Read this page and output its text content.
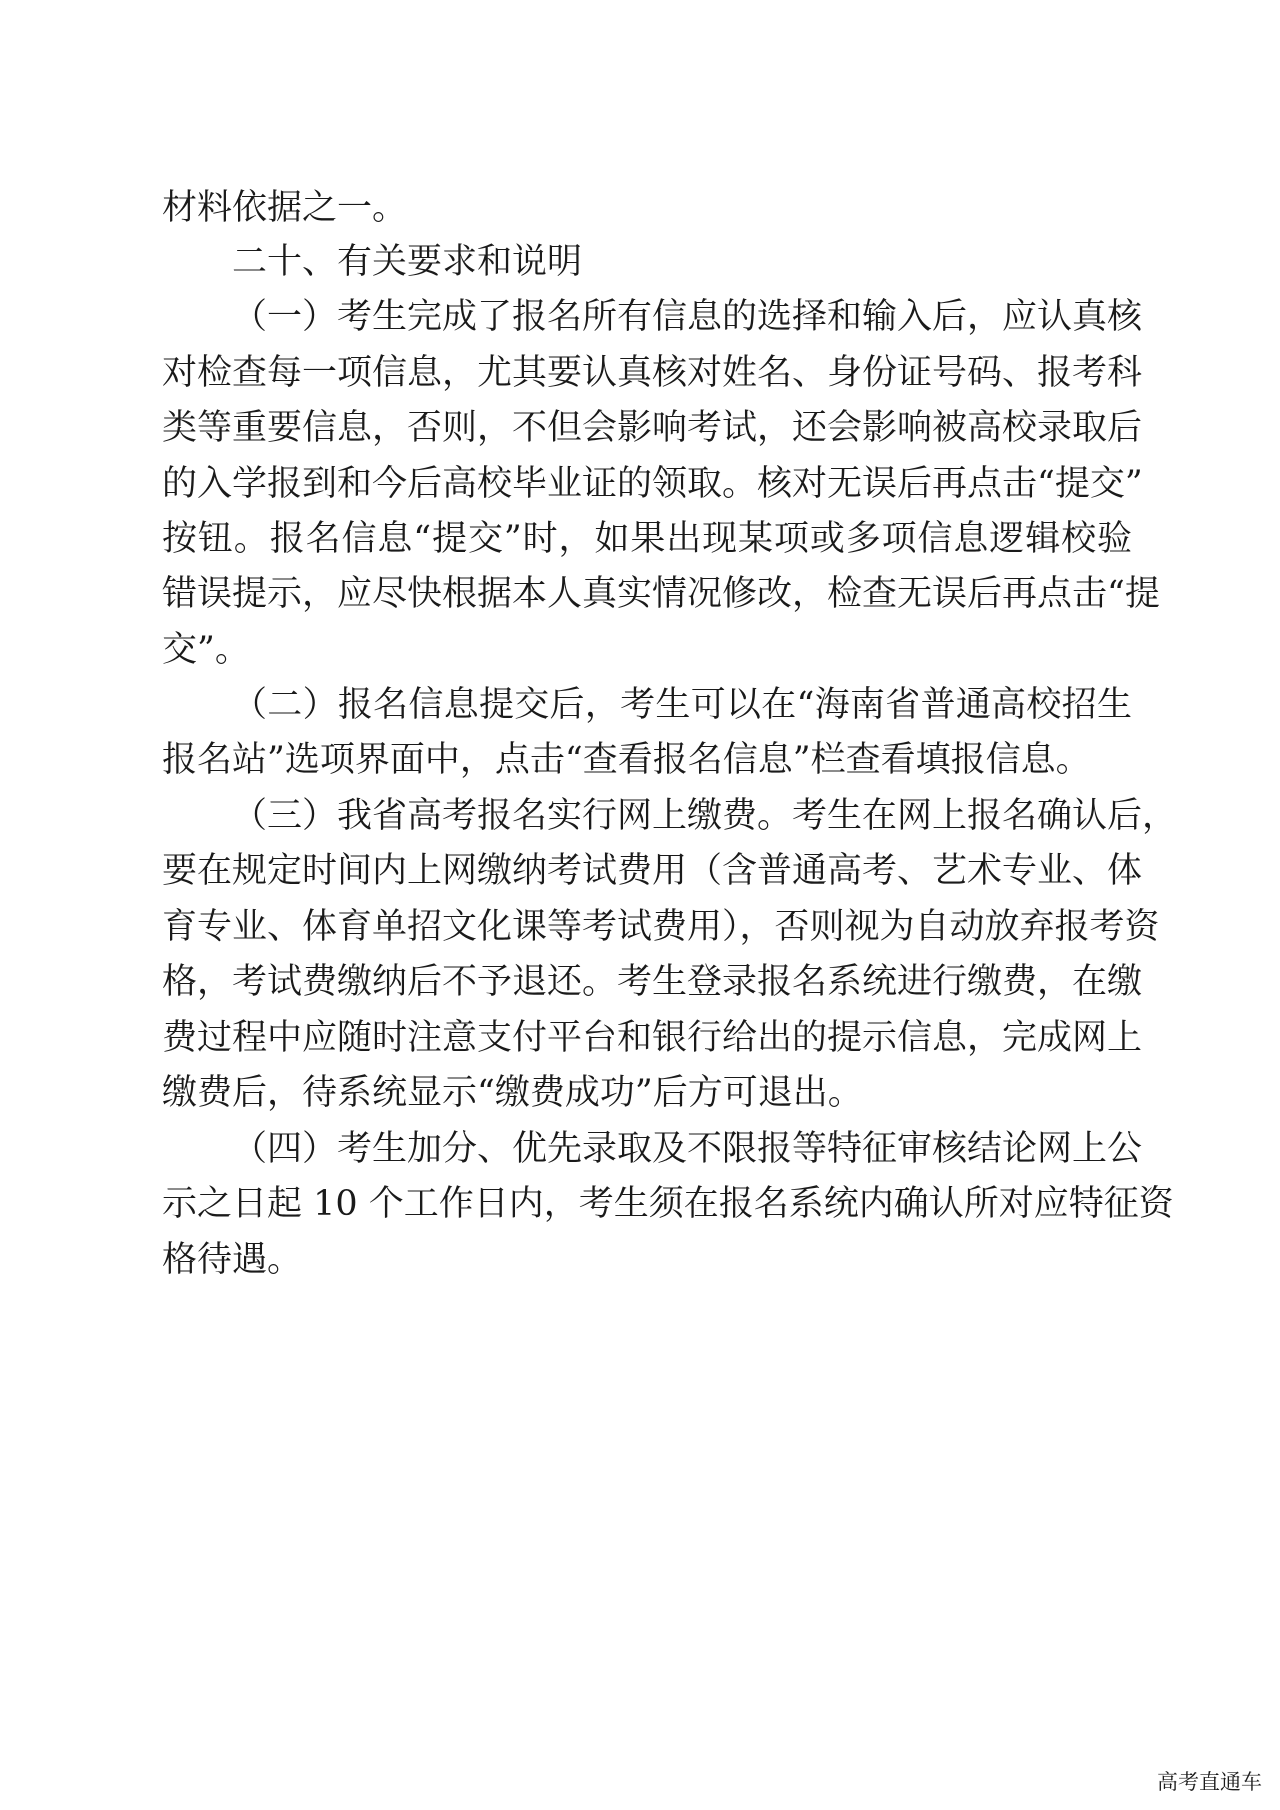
材料依据之一。
二十、有关要求和说明
（一）考生完成了报名所有信息的选择和输入后，应认真核
对检查每一项信息，尤其要认真核对姓名、身份证号码、报考科
类等重要信息，否则，不但会影响考试，还会影响被高校录取后
的入学报到和今后高校毕业证的领取。核对无误后再点击“提交”
按钮。报名信息“提交”时，如果出现某项或多项信息逻辑校验
错误提示，应尽快根据本人真实情况修改，检查无误后再点击“提
交”。
（二）报名信息提交后，考生可以在“海南省普通高校招生
报名站”选项界面中，点击“查看报名信息”栏查看填报信息。
（三）我省高考报名实行网上缴费。考生在网上报名确认后，
要在规定时间内上网缴纳考试费用（含普通高考、艺术专业、体
育专业、体育单招文化课等考试费用），否则视为自动放弃报考资
格，考试费缴纳后不予退还。考生登录报名系统进行缴费，在缴
费过程中应随时注意支付平台和银行给出的提示信息，完成网上
缴费后，待系统显示“缴费成功”后方可退出。
（四）考生加分、优先录取及不限报等特征审核结论网上公
示之日起 10 个工作日内，考生须在报名系统内确认所对应特征资
格待遇。
高考直通车
